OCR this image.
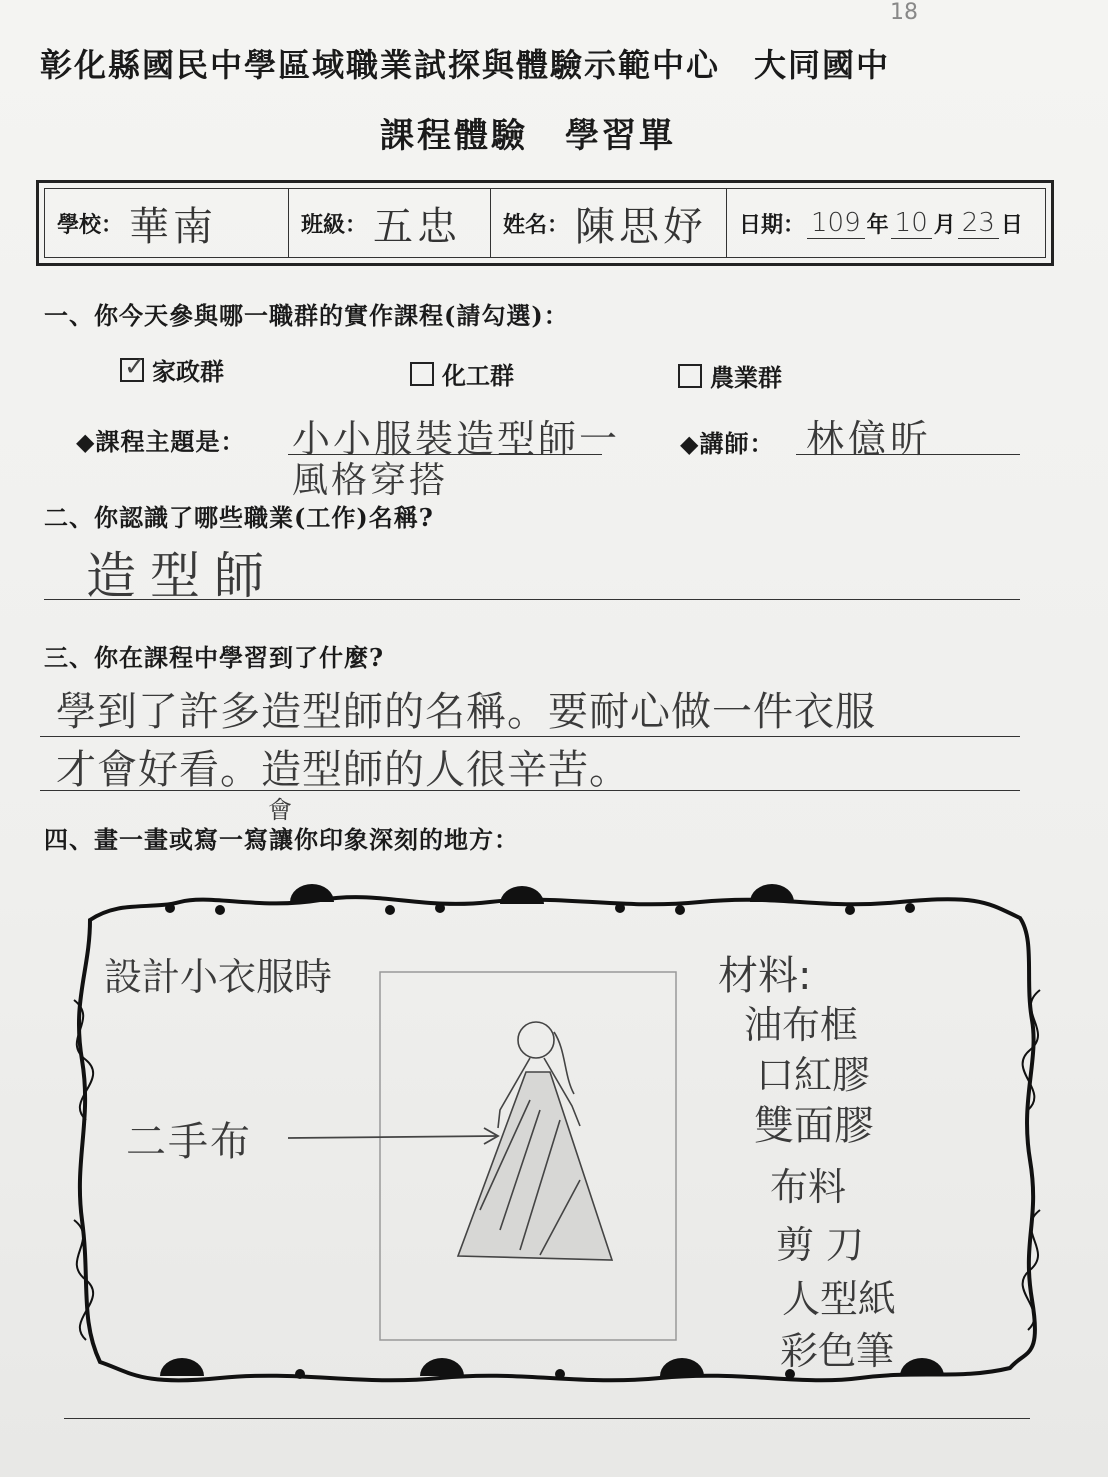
18
彰化縣國民中學區域職業試探與體驗示範中心　大同國中
課程體驗　學習單
學校： 華南	班級： 五忠 姓名： 陳思妤 日期： 109 年 10 月 23 日
一、你今天參與哪一職群的實作課程(請勾選)：
✓ 家政群	化工群	農業群
◆課程主題是： 小小服裝造型師一
風格穿搭
◆講師： 林億昕
二、你認識了哪些職業(工作)名稱?
造型師
三、你在課程中學習到了什麼?
學到了許多造型師的名稱。要耐心做一件衣服
才會好看。造型師的人很辛苦。
四、畫一畫或寫一寫讓你印象深刻的地方：
會
設計小衣服時
二手布
材料:
油布框
口紅膠
雙面膠
布料
剪刀
人型紙
彩色筆
